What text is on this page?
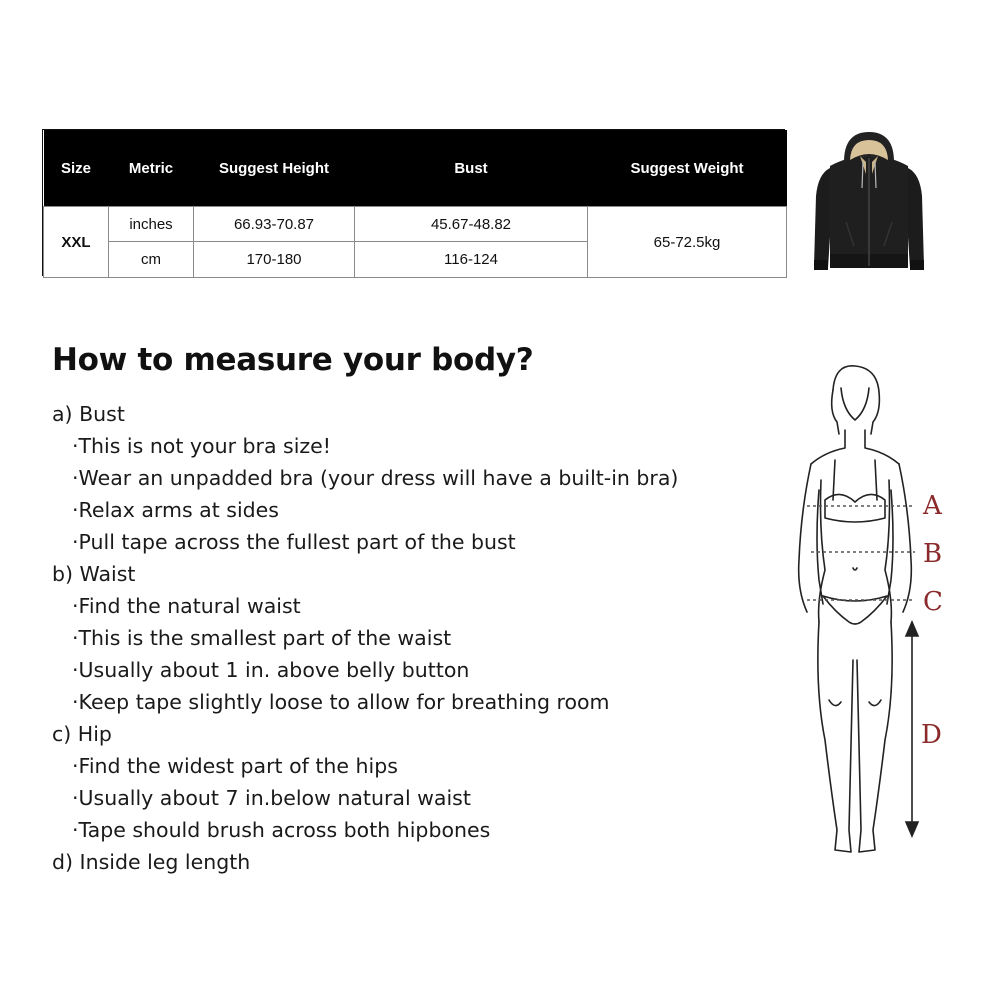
Size	Metric	Suggest Height	Bust	Suggest Weight
XXL	inches	66.93-70.87	45.67-48.82	65-72.5kg
	cm	170-180	116-124	
How to measure your body?
a) Bust
·This is not your bra size!
·Wear an unpadded bra (your dress will have a built-in bra)
·Relax arms at sides
·Pull tape across the fullest part of the bust
b) Waist
·Find the natural waist
·This is the smallest part of the waist
·Usually about 1 in. above belly button
·Keep tape slightly loose to allow for breathing room
c) Hip
·Find the widest part of the hips
·Usually about 7 in.below natural waist
·Tape should brush across both hipbones
d) Inside leg length
A
B
C
D
